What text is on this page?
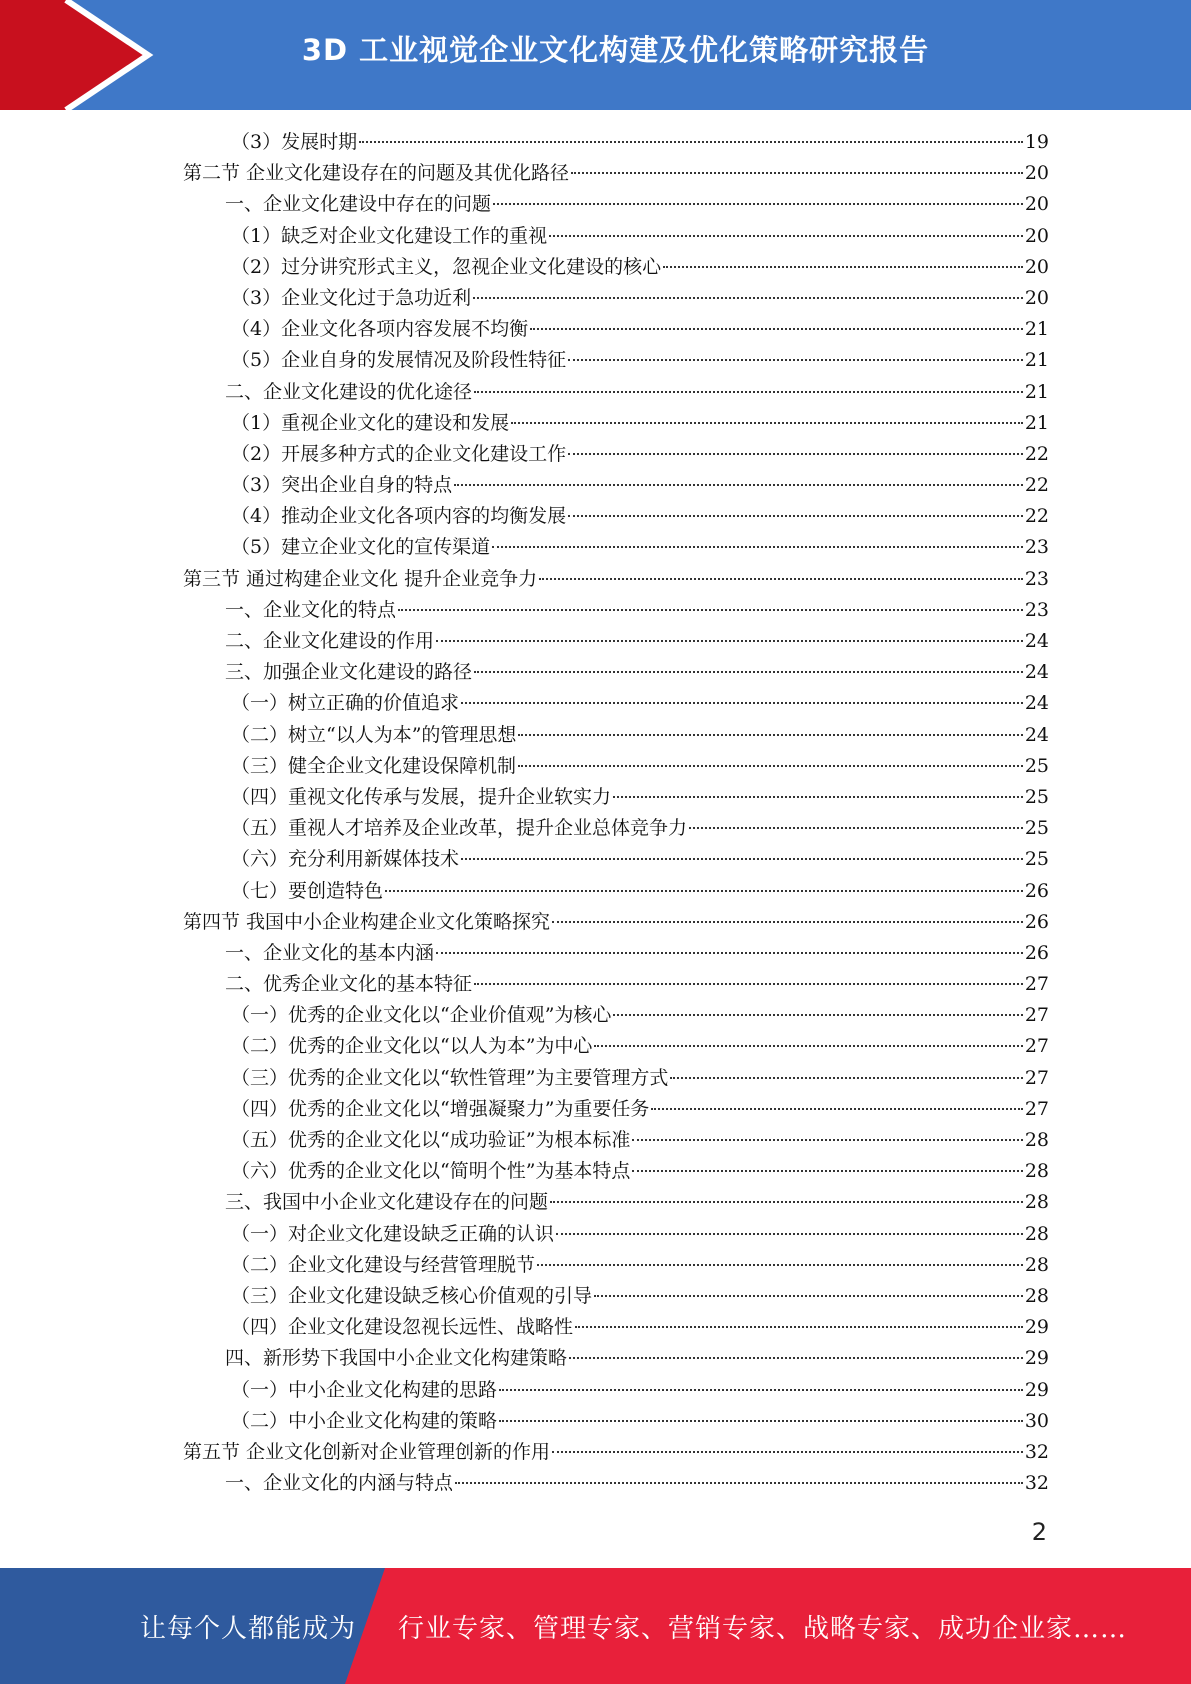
3D 工业视觉企业文化构建及优化策略研究报告
（3）发展时期	19
第二节 企业文化建设存在的问题及其优化路径	20
一、企业文化建设中存在的问题	20
（1）缺乏对企业文化建设工作的重视	20
（2）过分讲究形式主义，忽视企业文化建设的核心	20
（3）企业文化过于急功近利	20
（4）企业文化各项内容发展不均衡	21
（5）企业自身的发展情况及阶段性特征	21
二、企业文化建设的优化途径	21
（1）重视企业文化的建设和发展	21
（2）开展多种方式的企业文化建设工作	22
（3）突出企业自身的特点	22
（4）推动企业文化各项内容的均衡发展	22
（5）建立企业文化的宣传渠道	23
第三节 通过构建企业文化 提升企业竞争力	23
一、企业文化的特点	23
二、企业文化建设的作用	24
三、加强企业文化建设的路径	24
（一）树立正确的价值追求	24
（二）树立“以人为本”的管理思想	24
（三）健全企业文化建设保障机制	25
（四）重视文化传承与发展，提升企业软实力	25
（五）重视人才培养及企业改革，提升企业总体竞争力	25
（六）充分利用新媒体技术	25
（七）要创造特色	26
第四节 我国中小企业构建企业文化策略探究	26
一、企业文化的基本内涵	26
二、优秀企业文化的基本特征	27
（一）优秀的企业文化以“企业价值观”为核心	27
（二）优秀的企业文化以“以人为本”为中心	27
（三）优秀的企业文化以“软性管理”为主要管理方式	27
（四）优秀的企业文化以“增强凝聚力”为重要任务	27
（五）优秀的企业文化以“成功验证”为根本标准	28
（六）优秀的企业文化以“简明个性”为基本特点	28
三、我国中小企业文化建设存在的问题	28
（一）对企业文化建设缺乏正确的认识	28
（二）企业文化建设与经营管理脱节	28
（三）企业文化建设缺乏核心价值观的引导	28
（四）企业文化建设忽视长远性、战略性	29
四、新形势下我国中小企业文化构建策略	29
（一）中小企业文化构建的思路	29
（二）中小企业文化构建的策略	30
第五节 企业文化创新对企业管理创新的作用	32
一、企业文化的内涵与特点	32
2
让每个人都能成为 行业专家、管理专家、营销专家、战略专家、成功企业家……
